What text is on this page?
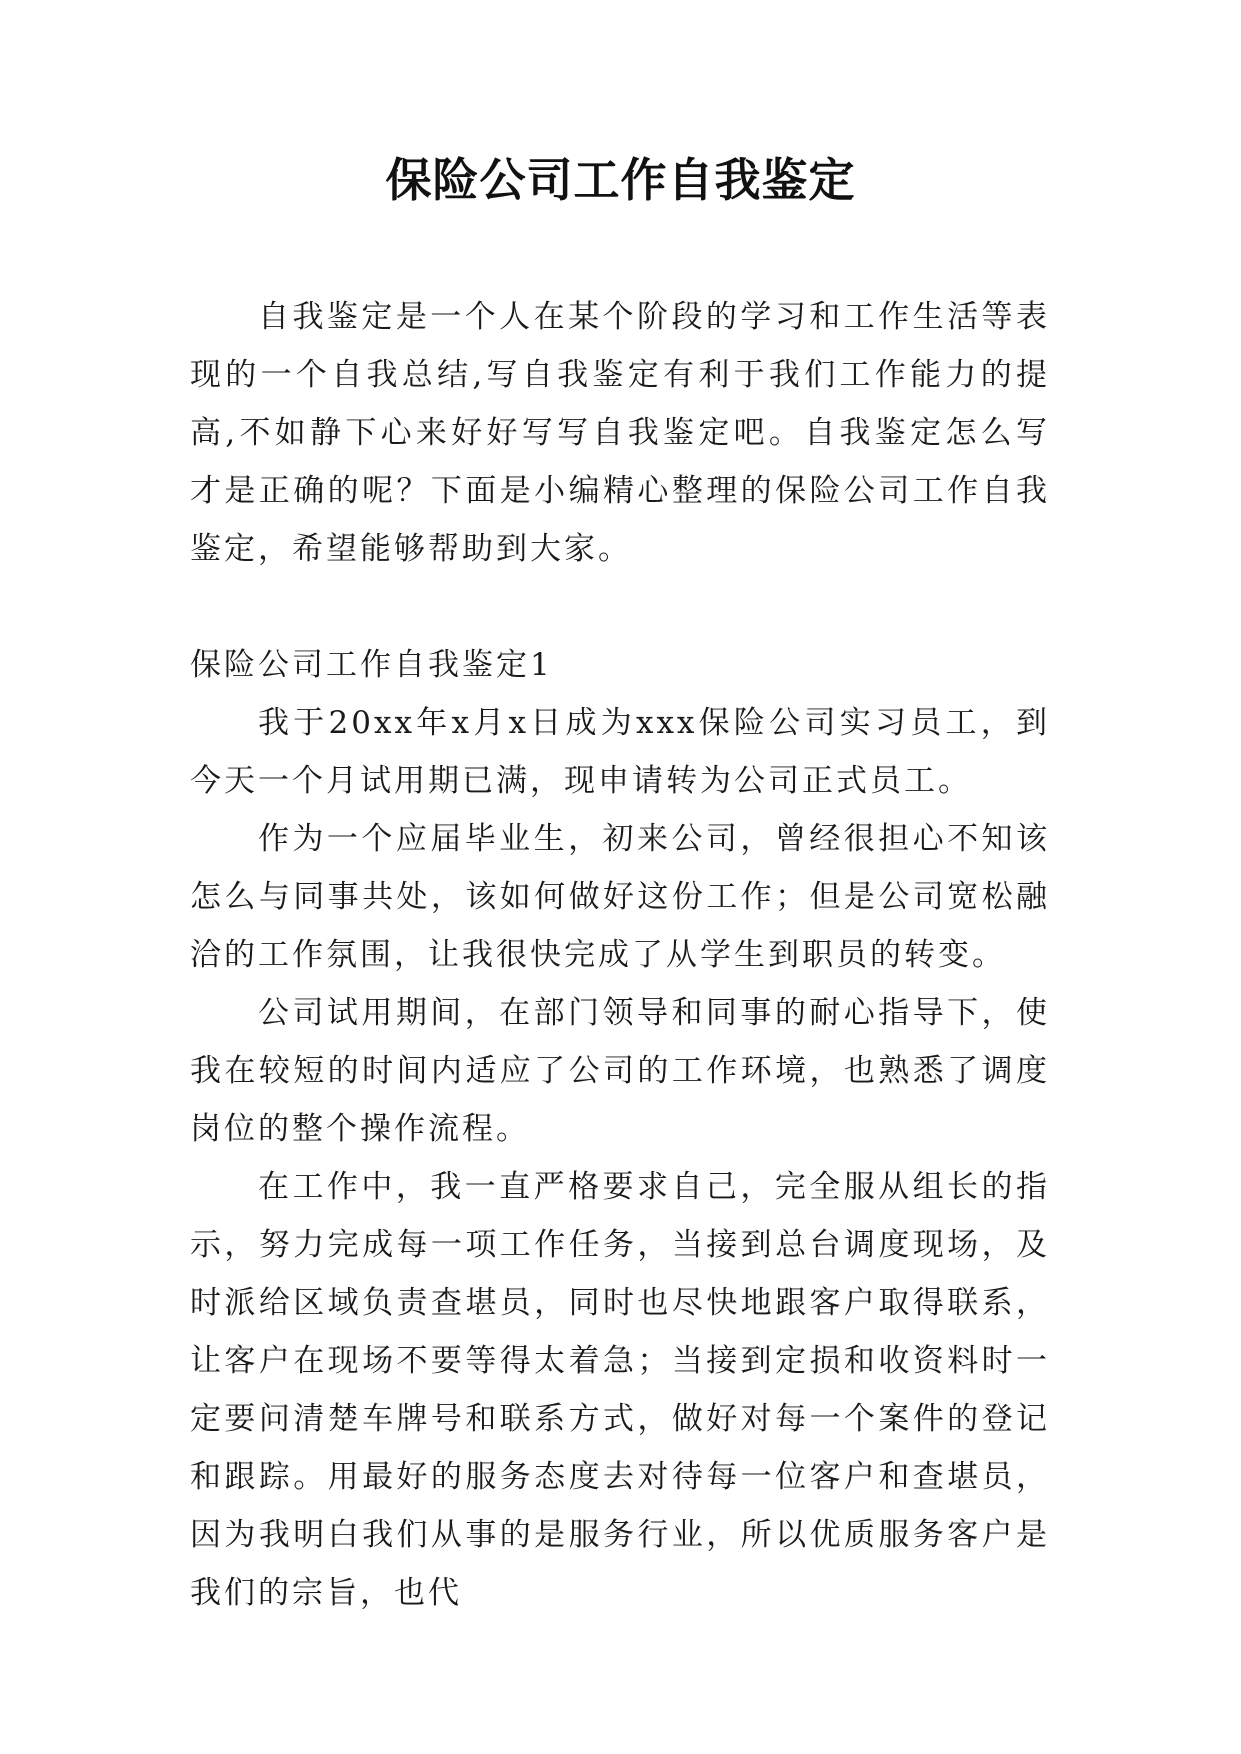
保险公司工作自我鉴定

自我鉴定是一个人在某个阶段的学习和工作生活等表现的一个自我总结,写自我鉴定有利于我们工作能力的提高,不如静下心来好好写写自我鉴定吧。自我鉴定怎么写才是正确的呢？下面是小编精心整理的保险公司工作自我鉴定，希望能够帮助到大家。

保险公司工作自我鉴定1

我于20xx年x月x日成为xxx保险公司实习员工，到今天一个月试用期已满，现申请转为公司正式员工。

作为一个应届毕业生，初来公司，曾经很担心不知该怎么与同事共处，该如何做好这份工作；但是公司宽松融洽的工作氛围，让我很快完成了从学生到职员的转变。

公司试用期间，在部门领导和同事的耐心指导下，使我在较短的时间内适应了公司的工作环境，也熟悉了调度岗位的整个操作流程。

在工作中，我一直严格要求自己，完全服从组长的指示，努力完成每一项工作任务，当接到总台调度现场，及时派给区域负责查堪员，同时也尽快地跟客户取得联系，让客户在现场不要等得太着急；当接到定损和收资料时一定要问清楚车牌号和联系方式，做好对每一个案件的登记和跟踪。用最好的服务态度去对待每一位客户和查堪员，因为我明白我们从事的是服务行业，所以优质服务客户是我们的宗旨，也代
